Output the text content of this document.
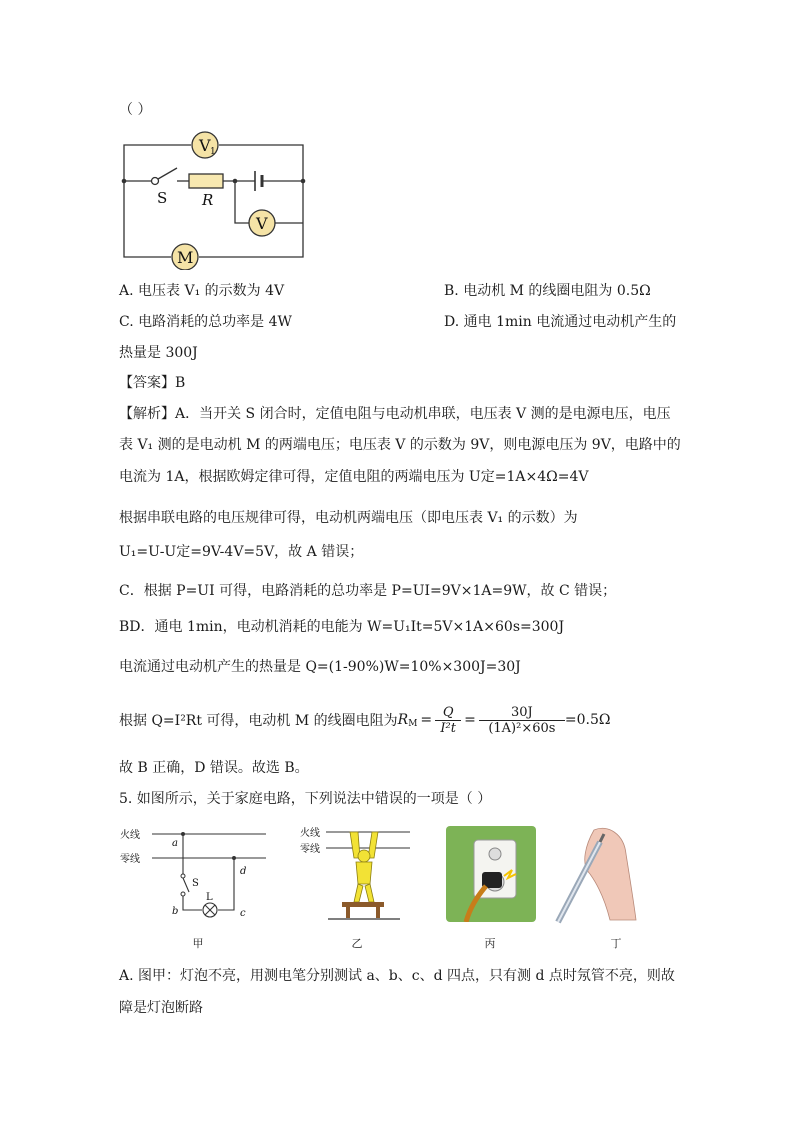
（ ）
V 1
V
M
S R
A. 电压表 V₁ 的示数为 4V	B. 电动机 M 的线圈电阻为 0.5Ω
C. 电路消耗的总功率是 4W	D. 通电 1min 电流通过电动机产生的
热量是 300J
【答案】B
【解析】A．当开关 S 闭合时，定值电阻与电动机串联，电压表 V 测的是电源电压，电压
表 V₁ 测的是电动机 M 的两端电压；电压表 V 的示数为 9V，则电源电压为 9V，电路中的
电流为 1A，根据欧姆定律可得，定值电阻的两端电压为 U定=1A×4Ω=4V
根据串联电路的电压规律可得，电动机两端电压（即电压表 V₁ 的示数）为
U₁=U-U定=9V-4V=5V，故 A 错误；
C．根据 P=UI 可得，电路消耗的总功率是 P=UI=9V×1A=9W，故 C 错误；
BD．通电 1min，电动机消耗的电能为 W=U₁It=5V×1A×60s=300J
电流通过电动机产生的热量是 Q=(1-90%)W=10%×300J=30J
根据 Q=I²Rt 可得，电动机 M 的线圈电阻为 R M = Q
I²t =	30J
(1A)²×60s =0.5Ω
故 B 正确，D 错误。故选 B。
5. 如图所示，关于家庭电路，下列说法中错误的一项是（ ）
火线
零线
a
b	c
d
S
L
火线
零线
甲	乙	丙	丁
A. 图甲：灯泡不亮，用测电笔分别测试 a、b、c、d 四点，只有测 d 点时氖管不亮，则故
障是灯泡断路
